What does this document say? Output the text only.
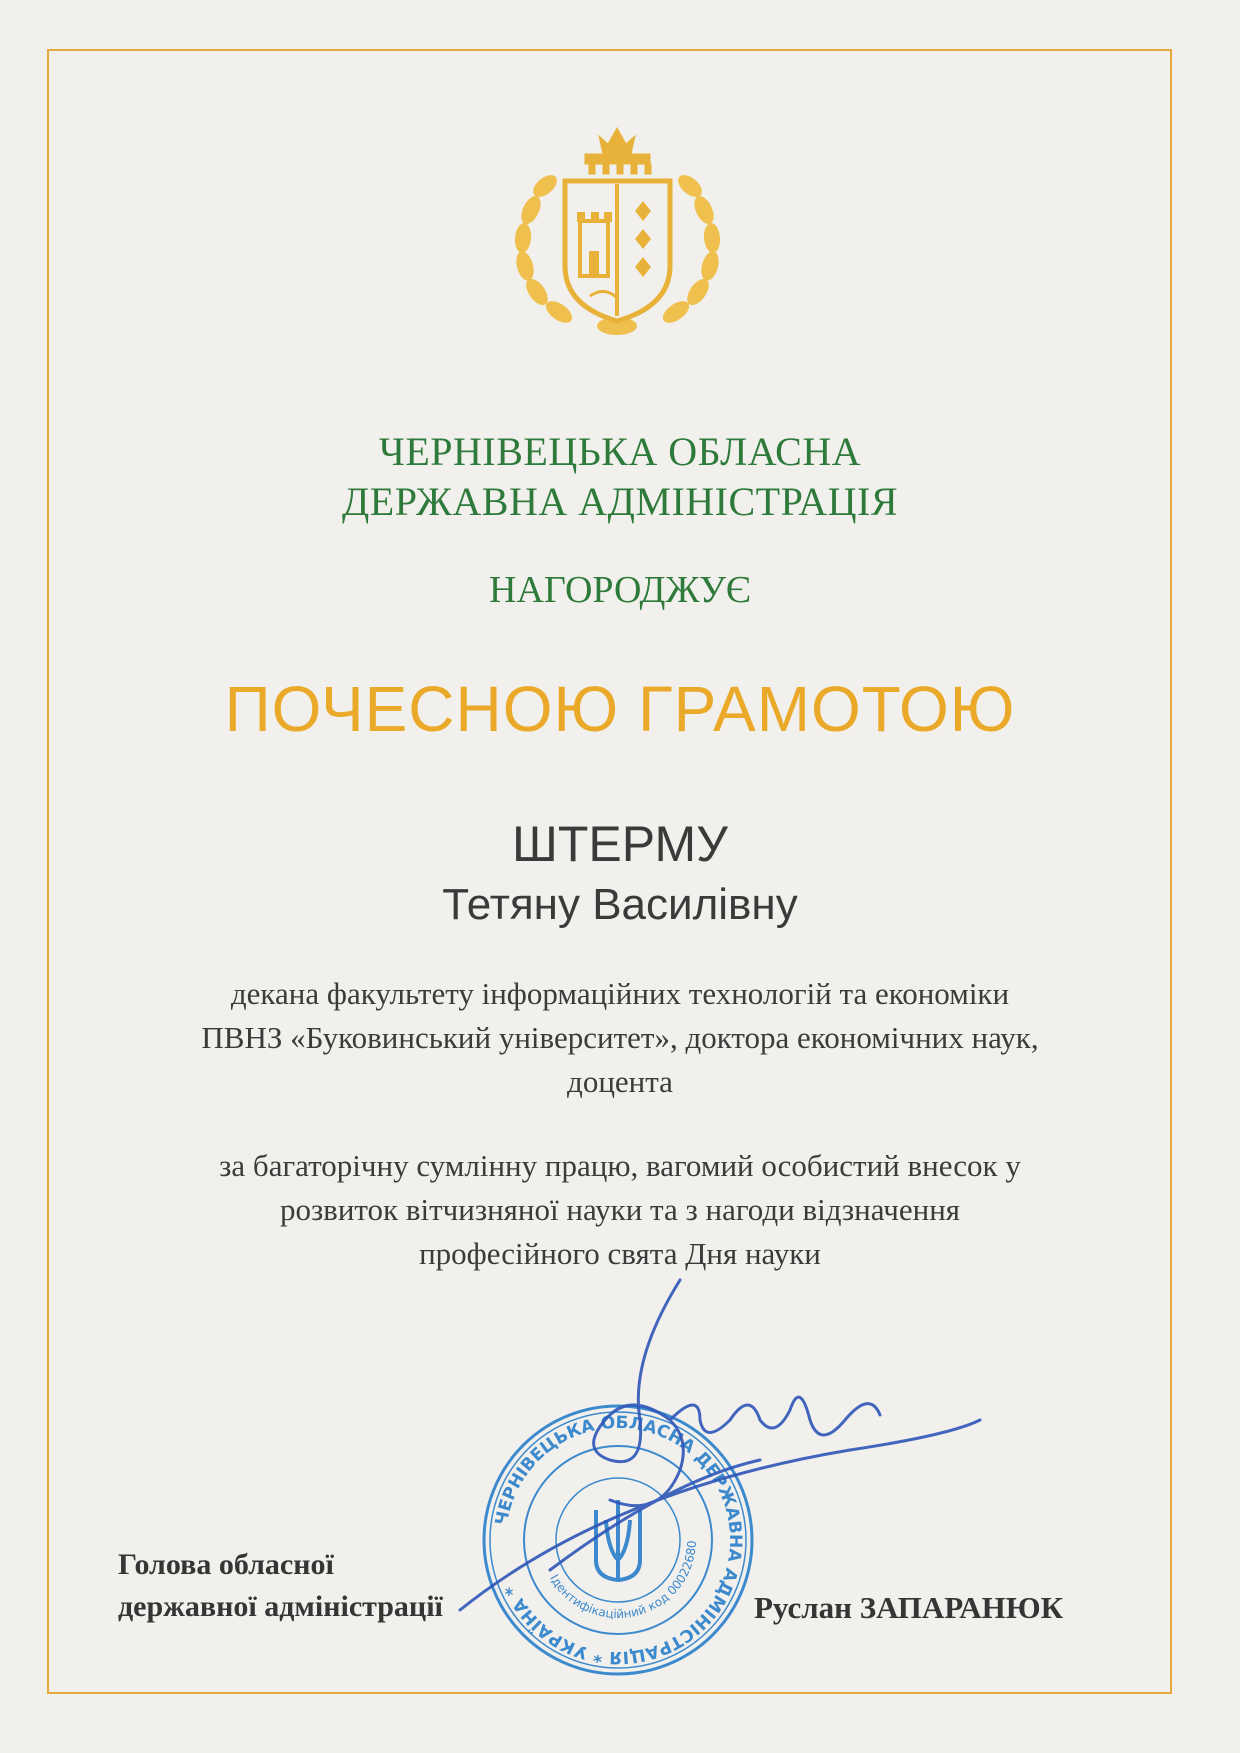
ЧЕРНІВЕЦЬКА ОБЛАСНА
ДЕРЖАВНА АДМІНІСТРАЦІЯ
НАГОРОДЖУЄ
ПОЧЕСНОЮ ГРАМОТОЮ
ШТЕРМУ
Тетяну Василівну
декана факультету інформаційних технологій та економіки
ПВНЗ «Буковинський університет», доктора економічних наук,
доцента
за багаторічну сумлінну працю, вагомий особистий внесок у
розвиток вітчизняної науки та з нагоди відзначення
професійного свята Дня науки
ЧЕРНІВЕЦЬКА ОБЛАСНА ДЕРЖАВНА АДМІНІСТРАЦІЯ * УКРАЇНА *
Ідентифікаційний код 00022680
Голова обласної
державної адміністрації	Руслан ЗАПАРАНЮК
